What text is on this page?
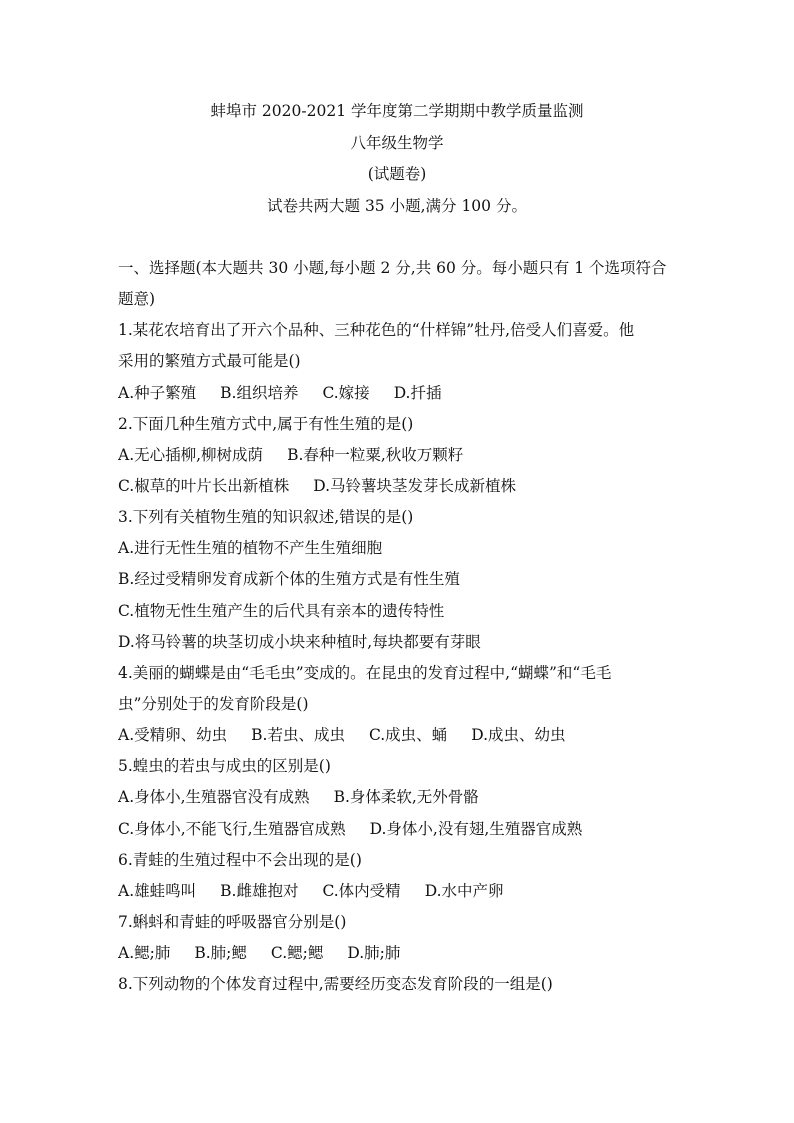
蚌埠市 2020-2021 学年度第二学期期中教学质量监测
八年级生物学
(试题卷)
试卷共两大题 35 小题,满分 100 分。
一、选择题(本大题共 30 小题,每小题 2 分,共 60 分。每小题只有 1 个选项符合
题意)
1.某花农培育出了开六个品种、三种花色的“什样锦”牡丹,倍受人们喜爱。他
采用的繁殖方式最可能是()
A.种子繁殖 B.组织培养 C.嫁接 D.扦插
2.下面几种生殖方式中,属于有性生殖的是()
A.无心插柳,柳树成荫 B.春种一粒粟,秋收万颗籽
C.椒草的叶片长出新植株 D.马铃薯块茎发芽长成新植株
3.下列有关植物生殖的知识叙述,错误的是()
A.进行无性生殖的植物不产生生殖细胞
B.经过受精卵发育成新个体的生殖方式是有性生殖
C.植物无性生殖产生的后代具有亲本的遗传特性
D.将马铃薯的块茎切成小块来种植时,每块都要有芽眼
4.美丽的蝴蝶是由“毛毛虫”变成的。在昆虫的发育过程中,“蝴蝶”和“毛毛
虫”分别处于的发育阶段是()
A.受精卵、幼虫 B.若虫、成虫 C.成虫、蛹 D.成虫、幼虫
5.蝗虫的若虫与成虫的区别是()
A.身体小,生殖器官没有成熟 B.身体柔软,无外骨骼
C.身体小,不能飞行,生殖器官成熟 D.身体小,没有翅,生殖器官成熟
6.青蛙的生殖过程中不会出现的是()
A.雄蛙鸣叫 B.雌雄抱对 C.体内受精 D.水中产卵
7.蝌蚪和青蛙的呼吸器官分别是()
A.鳃;肺 B.肺;鳃 C.鳃;鳃 D.肺;肺
8.下列动物的个体发育过程中,需要经历变态发育阶段的一组是()
